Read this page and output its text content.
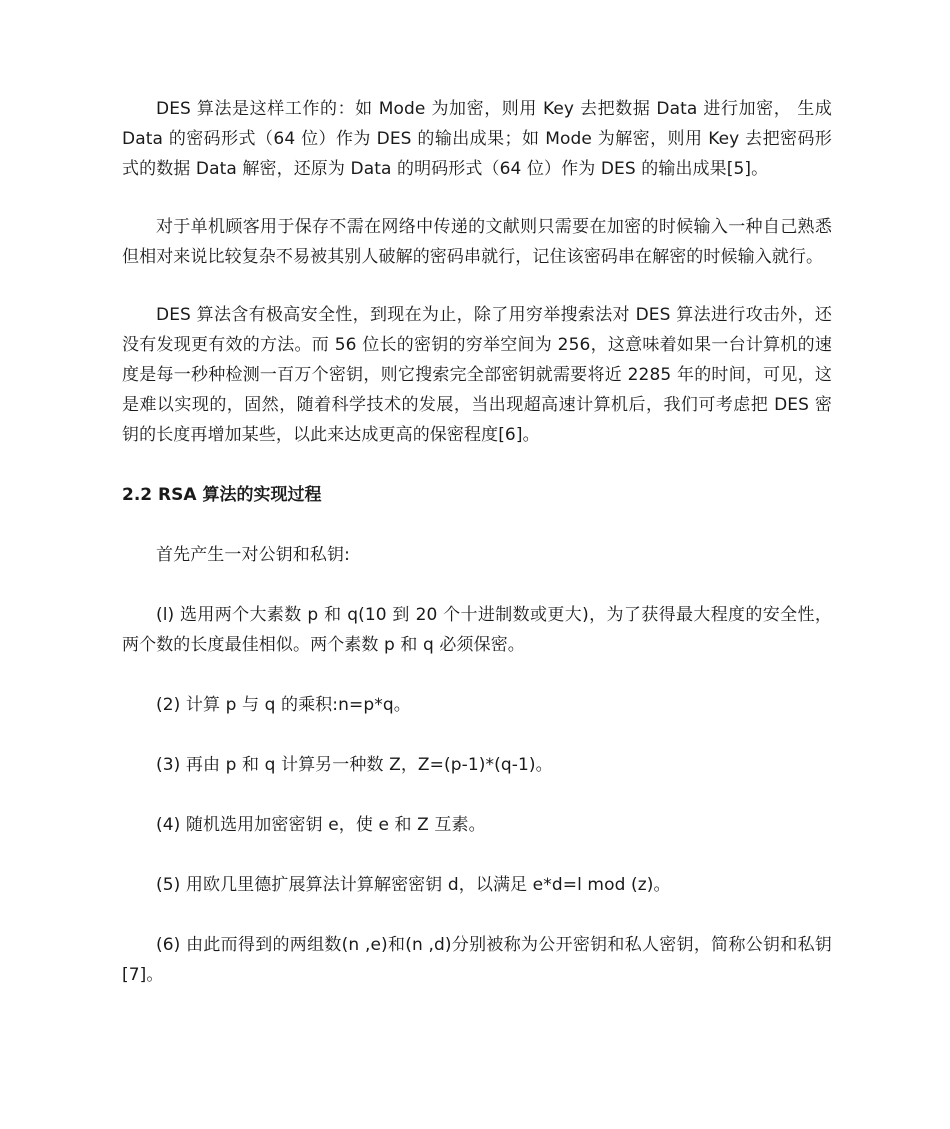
DES 算法是这样工作的：如 Mode 为加密，则用 Key 去把数据 Data 进行加密， 生成 Data 的密码形式（64 位）作为 DES 的输出成果；如 Mode 为解密，则用 Key 去把密码形式的数据 Data 解密，还原为 Data 的明码形式（64 位）作为 DES 的输出成果[5]。

对于单机顾客用于保存不需在网络中传递的文献则只需要在加密的时候输入一种自己熟悉但相对来说比较复杂不易被其别人破解的密码串就行，记住该密码串在解密的时候输入就行。

DES 算法含有极高安全性，到现在为止，除了用穷举搜索法对 DES 算法进行攻击外，还没有发现更有效的方法。而 56 位长的密钥的穷举空间为 256，这意味着如果一台计算机的速度是每一秒种检测一百万个密钥，则它搜索完全部密钥就需要将近 2285 年的时间，可见，这是难以实现的，固然，随着科学技术的发展，当出现超高速计算机后，我们可考虑把 DES 密钥的长度再增加某些，以此来达成更高的保密程度[6]。

2.2 RSA 算法的实现过程

首先产生一对公钥和私钥:

(l) 选用两个大素数 p 和 q(10 到 20 个十进制数或更大)，为了获得最大程度的安全性，两个数的长度最佳相似。两个素数 p 和 q 必须保密。

(2) 计算 p 与 q 的乘积:n=p*q。

(3) 再由 p 和 q 计算另一种数 Z，Z=(p-1)*(q-1)。

(4) 随机选用加密密钥 e，使 e 和 Z 互素。

(5) 用欧几里德扩展算法计算解密密钥 d，以满足 e*d=l mod (z)。

(6) 由此而得到的两组数(n ,e)和(n ,d)分别被称为公开密钥和私人密钥，简称公钥和私钥[7]。
